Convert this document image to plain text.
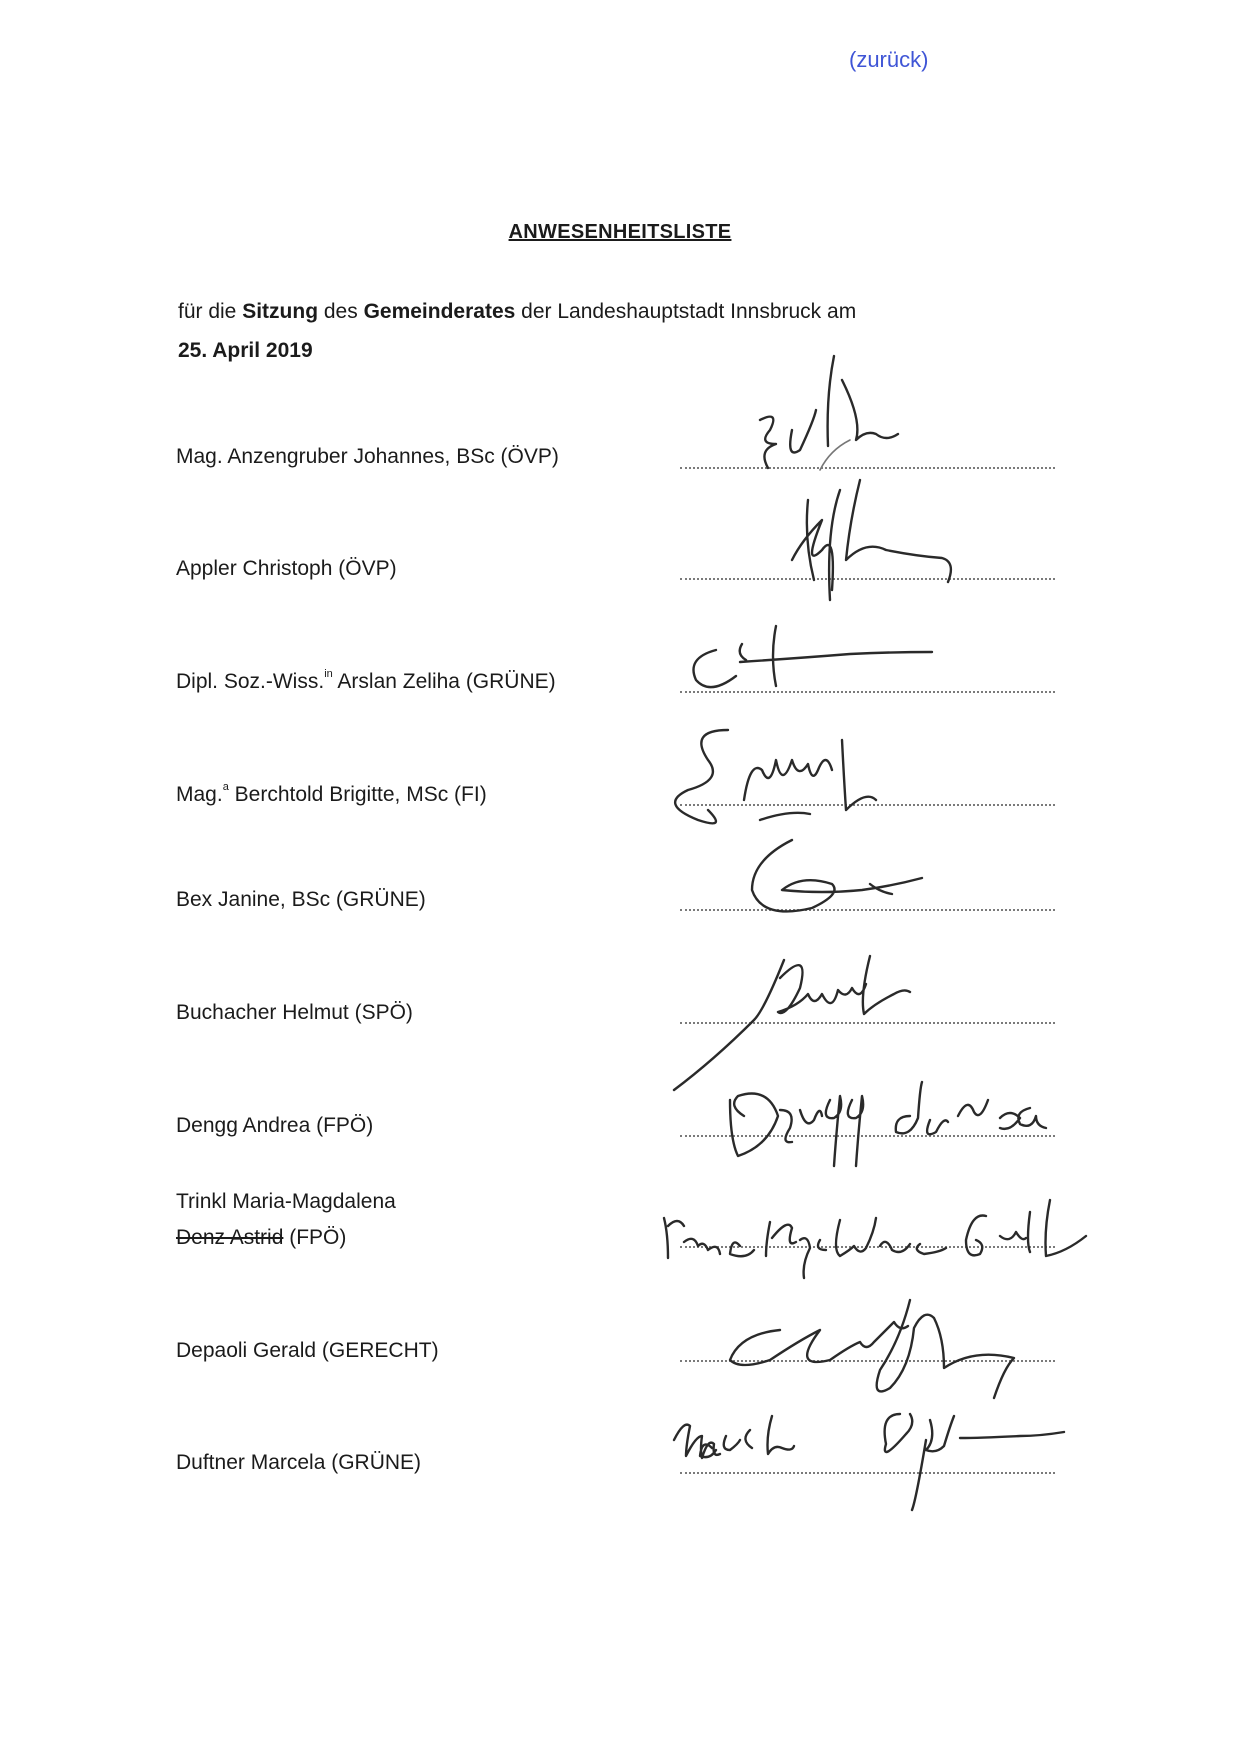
(zurück)
ANWESENHEITSLISTE
für die Sitzung des Gemeinderates der Landeshauptstadt Innsbruck am
25. April 2019
Mag. Anzengruber Johannes, BSc (ÖVP)
Appler Christoph (ÖVP)
Dipl. Soz.-Wiss.$^{in}$ Arslan Zeliha (GRÜNE)
Mag.$^a$ Berchtold Brigitte, MSc (FI)
Bex Janine, BSc (GRÜNE)
Buchacher Helmut (SPÖ)
Dengg Andrea (FPÖ)
Trinkl Maria-Magdalena
Denz Astrid (FPÖ)
Depaoli Gerald (GERECHT)
Duftner Marcela (GRÜNE)
